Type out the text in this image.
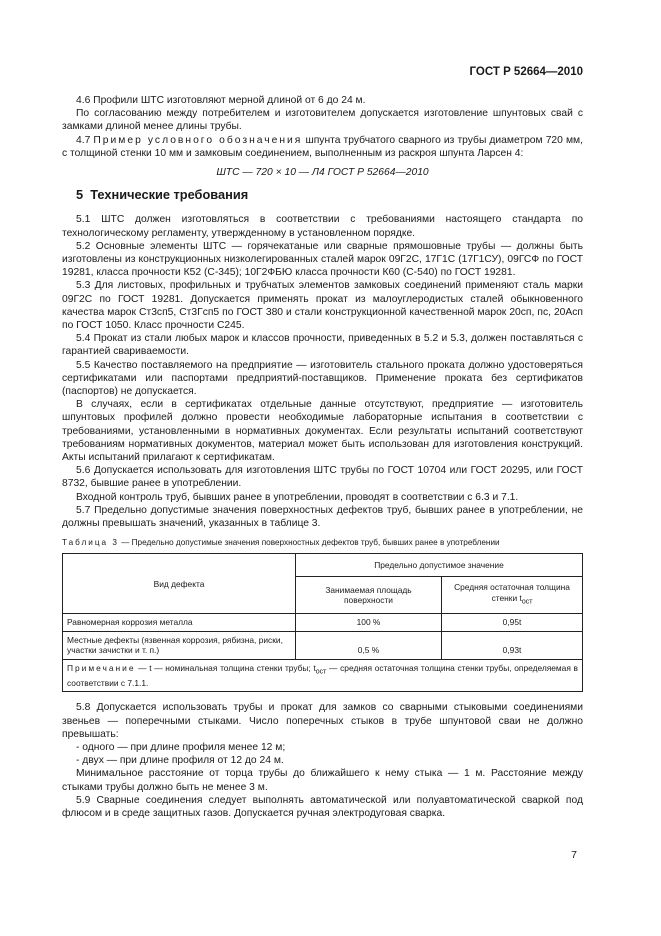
ГОСТ Р 52664—2010

4.6 Профили ШТС изготовляют мерной длиной от 6 до 24 м.

По согласованию между потребителем и изготовителем допускается изготовление шпунтовых свай с замками длиной менее длины трубы.

4.7 Пример условного обозначения шпунта трубчатого сварного из трубы диаметром 720 мм, с толщиной стенки 10 мм и замковым соединением, выполненным из раскроя шпунта Ларсен 4:

ШТС — 720 × 10 — Л4 ГОСТ Р 52664—2010

5 Технические требования

5.1 ШТС должен изготовляться в соответствии с требованиями настоящего стандарта по технологическому регламенту, утвержденному в установленном порядке.

5.2 Основные элементы ШТС — горячекатаные или сварные прямошовные трубы — должны быть изготовлены из конструкционных низколегированных сталей марок 09Г2С, 17Г1С (17Г1СУ), 09ГСФ по ГОСТ 19281, класса прочности К52 (С-345); 10Г2ФБЮ класса прочности К60 (С-540) по ГОСТ 19281.

5.3 Для листовых, профильных и трубчатых элементов замковых соединений применяют сталь марки 09Г2С по ГОСТ 19281. Допускается применять прокат из малоуглеродистых сталей обыкновенного качества марок Ст3сп5, Ст3Гсп5 по ГОСТ 380 и стали конструкционной качественной марок 20сп, пс, 20Асп по ГОСТ 1050. Класс прочности С245.

5.4 Прокат из стали любых марок и классов прочности, приведенных в 5.2 и 5.3, должен поставляться с гарантией свариваемости.

5.5 Качество поставляемого на предприятие — изготовитель стального проката должно удостоверяться сертификатами или паспортами предприятий-поставщиков. Применение проката без сертификатов (паспортов) не допускается.

В случаях, если в сертификатах отдельные данные отсутствуют, предприятие — изготовитель шпунтовых профилей должно провести необходимые лабораторные испытания в соответствии с требованиями, установленными в нормативных документах. Если результаты испытаний соответствуют требованиям нормативных документов, материал может быть использован для изготовления конструкций. Акты испытаний прилагают к сертификатам.

5.6 Допускается использовать для изготовления ШТС трубы по ГОСТ 10704 или ГОСТ 20295, или ГОСТ 8732, бывшие ранее в употреблении.

Входной контроль труб, бывших ранее в употреблении, проводят в соответствии с 6.3 и 7.1.

5.7 Предельно допустимые значения поверхностных дефектов труб, бывших ранее в употреблении, не должны превышать значений, указанных в таблице 3.

Таблица 3 — Предельно допустимые значения поверхностных дефектов труб, бывших ранее в употреблении

Вид дефекта	Предельно допустимое значение	
	Занимаемая площадь поверхности	Средняя остаточная толщина стенки $t_{ост}$
Равномерная коррозия металла	100 %	0,95t
Местные дефекты (язвенная коррозия, рябизна, риски, участки зачистки и т. п.)	0,5 %	0,93t
Примечание — t — номинальная толщина стенки трубы; $t_{ост}$ — средняя остаточная толщина стенки трубы, определяемая в соответствии с 7.1.1.		

5.8 Допускается использовать трубы и прокат для замков со сварными стыковыми соединениями звеньев — поперечными стыками. Число поперечных стыков в трубе шпунтовой сваи не должно превышать:

- одного — при длине профиля менее 12 м;

- двух — при длине профиля от 12 до 24 м.

Минимальное расстояние от торца трубы до ближайшего к нему стыка — 1 м. Расстояние между стыками трубы должно быть не менее 3 м.

5.9 Сварные соединения следует выполнять автоматической или полуавтоматической сваркой под флюсом и в среде защитных газов. Допускается ручная электродуговая сварка.

7
